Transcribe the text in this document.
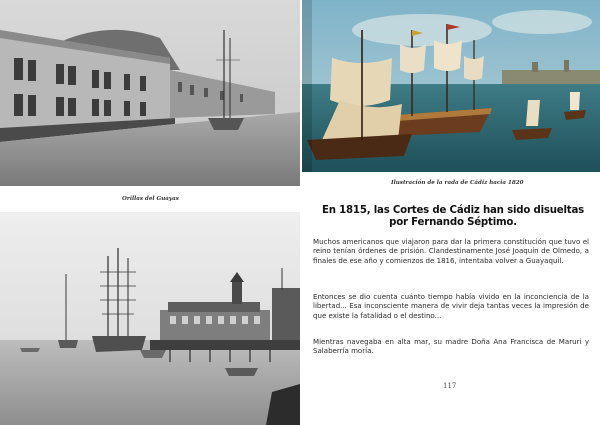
Orillas del Guayas
Ilustración de la rada de Cádiz hacia 1820
En 1815, las Cortes de Cádiz han sido disueltas por Fernando Séptimo.

Muchos americanos que viajaron para dar la primera constitución que tuvo el reino tenían órdenes de prisión. Clandestinamente José Joaquín de Olmedo, a finales de ese año y comienzos de 1816, intentaba volver a Guayaquil.

Entonces se dio cuenta cuánto tiempo había vivido en la inconciencia de la libertad... Esa inconsciente manera de vivir deja tantas veces la impresión de que existe la fatalidad o el destino...

Mientras navegaba en alta mar, su madre Doña Ana Francisca de Maruri y Salaberría moría.

117
